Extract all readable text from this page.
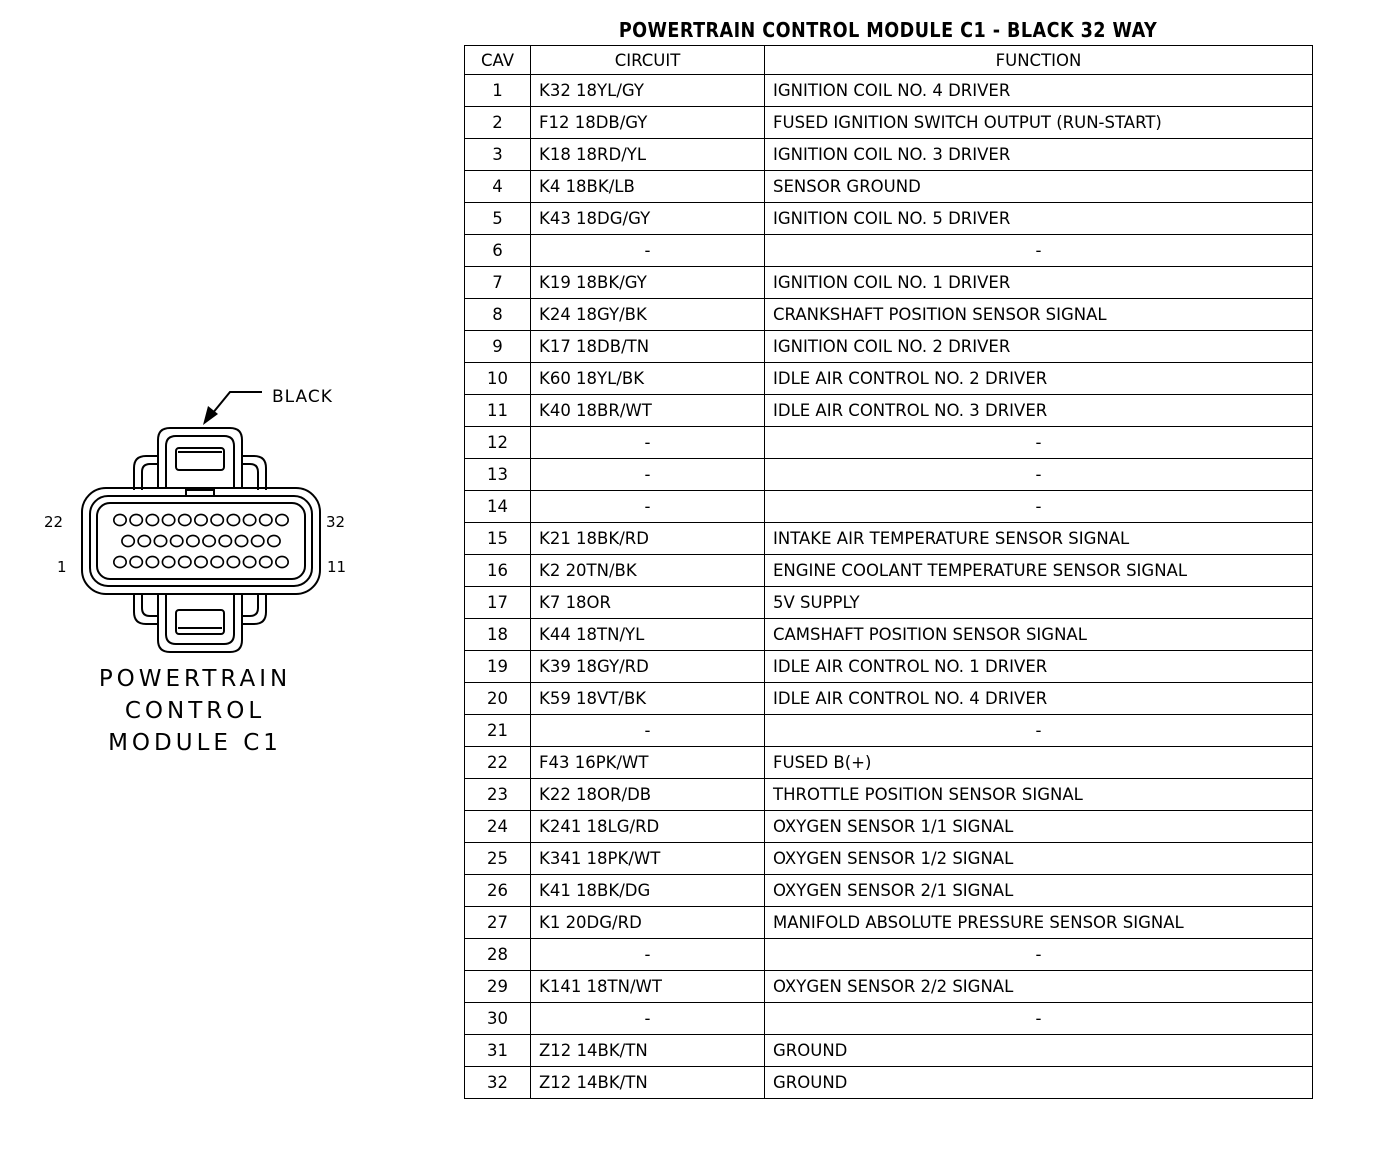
BLACK
22	32
1	11
POWERTRAIN
CONTROL
MODULE C1
POWERTRAIN CONTROL MODULE C1 - BLACK 32 WAY
CAV	CIRCUIT	FUNCTION
1	K32 18YL/GY	IGNITION COIL NO. 4 DRIVER
2	F12 18DB/GY	FUSED IGNITION SWITCH OUTPUT (RUN-START)
3	K18 18RD/YL	IGNITION COIL NO. 3 DRIVER
4	K4 18BK/LB	SENSOR GROUND
5	K43 18DG/GY	IGNITION COIL NO. 5 DRIVER
6	-	-
7	K19 18BK/GY	IGNITION COIL NO. 1 DRIVER
8	K24 18GY/BK	CRANKSHAFT POSITION SENSOR SIGNAL
9	K17 18DB/TN	IGNITION COIL NO. 2 DRIVER
10	K60 18YL/BK	IDLE AIR CONTROL NO. 2 DRIVER
11	K40 18BR/WT	IDLE AIR CONTROL NO. 3 DRIVER
12	-	-
13	-	-
14	-	-
15	K21 18BK/RD	INTAKE AIR TEMPERATURE SENSOR SIGNAL
16	K2 20TN/BK	ENGINE COOLANT TEMPERATURE SENSOR SIGNAL
17	K7 18OR	5V SUPPLY
18	K44 18TN/YL	CAMSHAFT POSITION SENSOR SIGNAL
19	K39 18GY/RD	IDLE AIR CONTROL NO. 1 DRIVER
20	K59 18VT/BK	IDLE AIR CONTROL NO. 4 DRIVER
21	-	-
22	F43 16PK/WT	FUSED B(+)
23	K22 18OR/DB	THROTTLE POSITION SENSOR SIGNAL
24	K241 18LG/RD	OXYGEN SENSOR 1/1 SIGNAL
25	K341 18PK/WT	OXYGEN SENSOR 1/2 SIGNAL
26	K41 18BK/DG	OXYGEN SENSOR 2/1 SIGNAL
27	K1 20DG/RD	MANIFOLD ABSOLUTE PRESSURE SENSOR SIGNAL
28	-	-
29	K141 18TN/WT	OXYGEN SENSOR 2/2 SIGNAL
30	-	-
31	Z12 14BK/TN	GROUND
32	Z12 14BK/TN	GROUND
